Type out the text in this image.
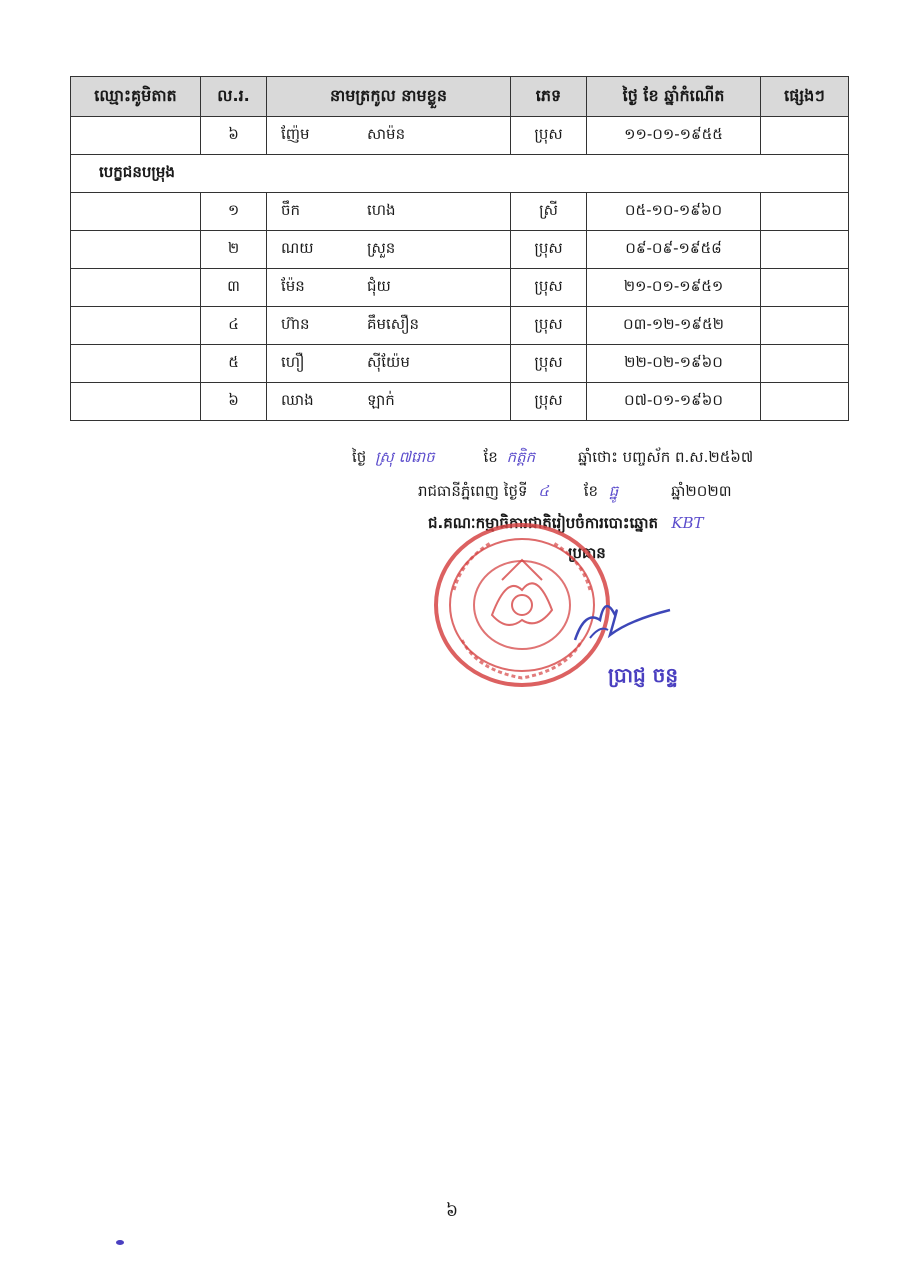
ឈ្មោះគូមិតាត	ល.រ.	នាមត្រកូល នាមខ្លួន	ភេទ	ថ្ងៃ ខែ ឆ្នាំកំណើត	ផ្សេងៗ
	៦	ញ៉ែម សាម៉ន	ប្រុស	១១-០១-១៩៥៥	
បេក្ខជនបម្រុង					
	១	ចឹក ហេង	ស្រី	០៥-១០-១៩៦០	
	២	ណយ ស្រួន	ប្រុស	០៩-០៩-១៩៥៨	
	៣	ម៉ែន ជុំយ	ប្រុស	២១-០១-១៩៥១	
	៤	ហ៊ាន គឹមសឿន	ប្រុស	០៣-១២-១៩៥២	
	៥	ហឿ ស៊ីយ៉ែម	ប្រុស	២២-០២-១៩៦០	
	៦	ឈាង ឡាក់	ប្រុស	០៧-០១-១៩៦០	
ថ្ងៃ ស្រុ ៧រោច	ខែ កត្តិក	ឆ្នាំថោះ បញ្ចស័ក ព.ស.២៥៦៧
រាជធានីភ្នំពេញ ថ្ងៃទី ៤ ខែ ធ្នូ	ឆ្នាំ២០២៣
ជ.គណៈកម្មាធិការជាតិរៀបចំការបោះឆ្នោត KBT
ប្រធាន
ប្រាជ្ញ ចន្ទ
៦
